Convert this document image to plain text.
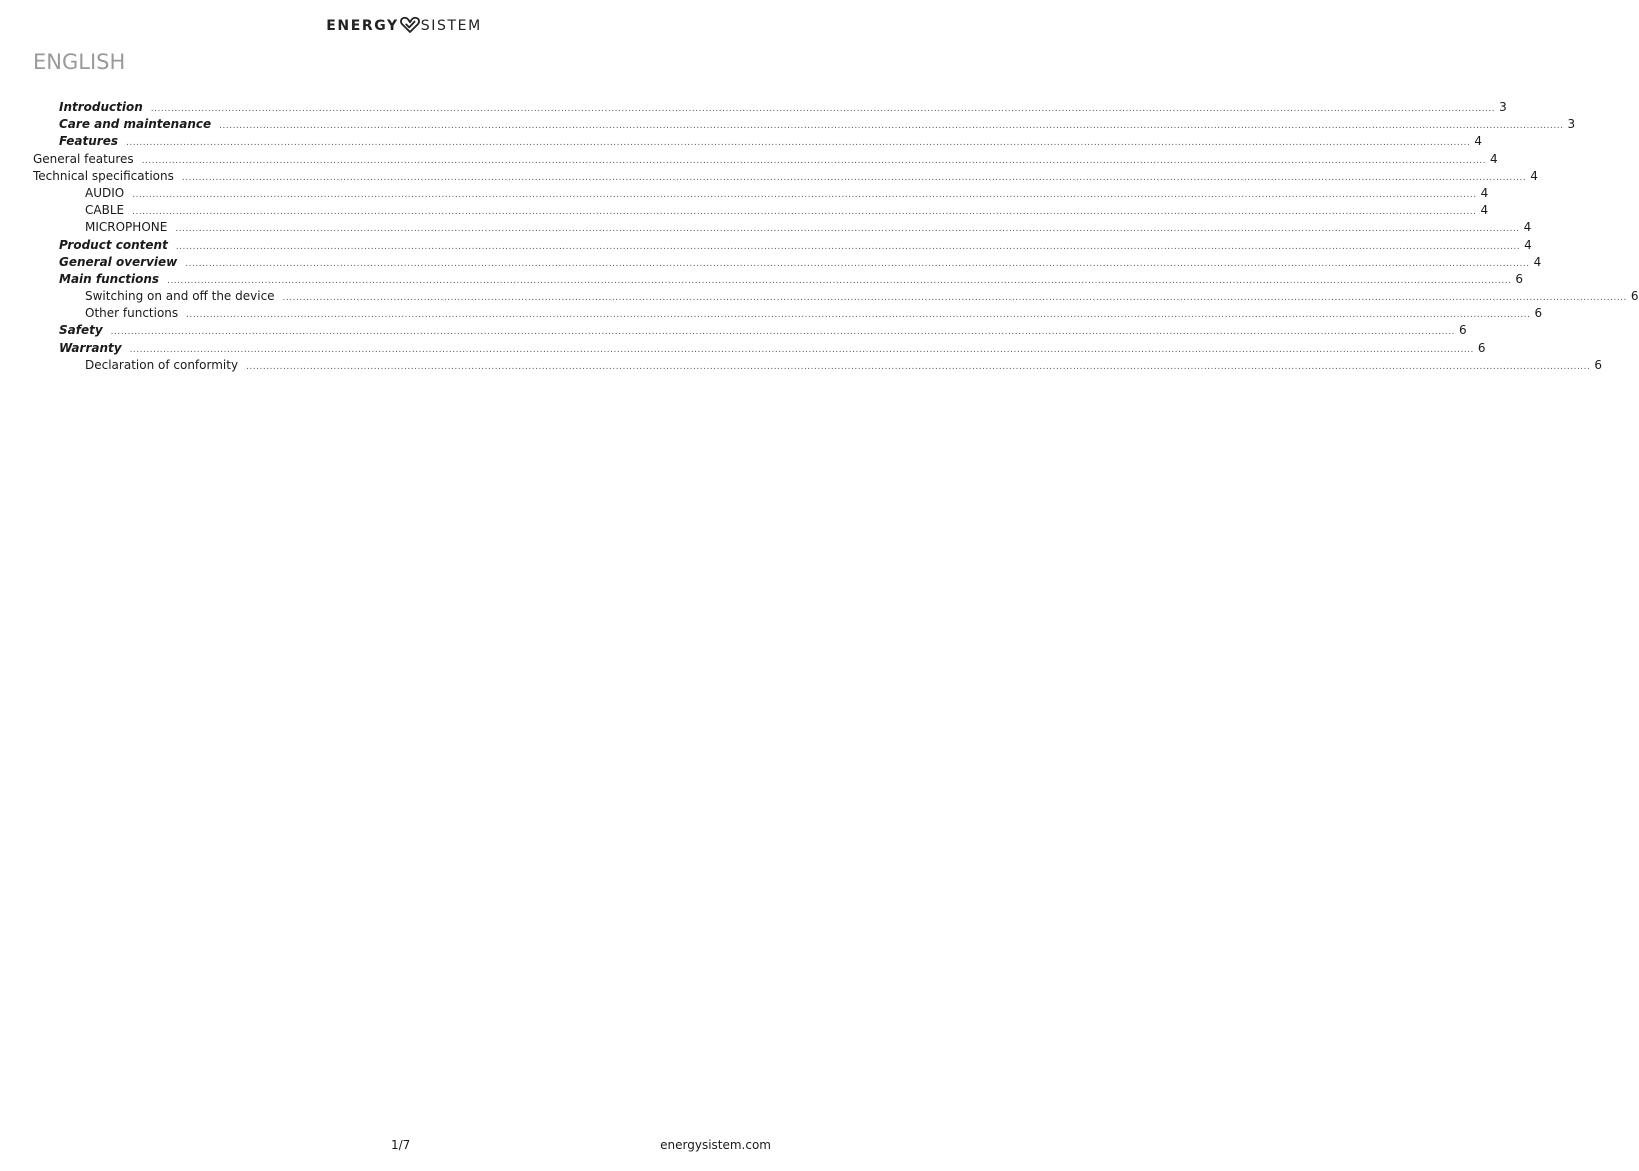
ENERGY SISTEM
ENGLISH
Introduction ................................................................................................................................................................................................................................................................................................................................................................................................................ 3
Care and maintenance ................................................................................................................................................................................................................................................................................................................................................................................................................ 3
Features ................................................................................................................................................................................................................................................................................................................................................................................................................ 4
General features ................................................................................................................................................................................................................................................................................................................................................................................................................ 4
Technical specifications ................................................................................................................................................................................................................................................................................................................................................................................................................ 4
AUDIO ................................................................................................................................................................................................................................................................................................................................................................................................................ 4
CABLE ................................................................................................................................................................................................................................................................................................................................................................................................................ 4
MICROPHONE ................................................................................................................................................................................................................................................................................................................................................................................................................ 4
Product content ................................................................................................................................................................................................................................................................................................................................................................................................................ 4
General overview ................................................................................................................................................................................................................................................................................................................................................................................................................ 4
Main functions ................................................................................................................................................................................................................................................................................................................................................................................................................ 6
Switching on and off the device ................................................................................................................................................................................................................................................................................................................................................................................................................ 6
Other functions ................................................................................................................................................................................................................................................................................................................................................................................................................ 6
Safety ................................................................................................................................................................................................................................................................................................................................................................................................................ 6
Warranty ................................................................................................................................................................................................................................................................................................................................................................................................................ 6
Declaration of conformity ................................................................................................................................................................................................................................................................................................................................................................................................................ 6
1/7	energysistem.com
